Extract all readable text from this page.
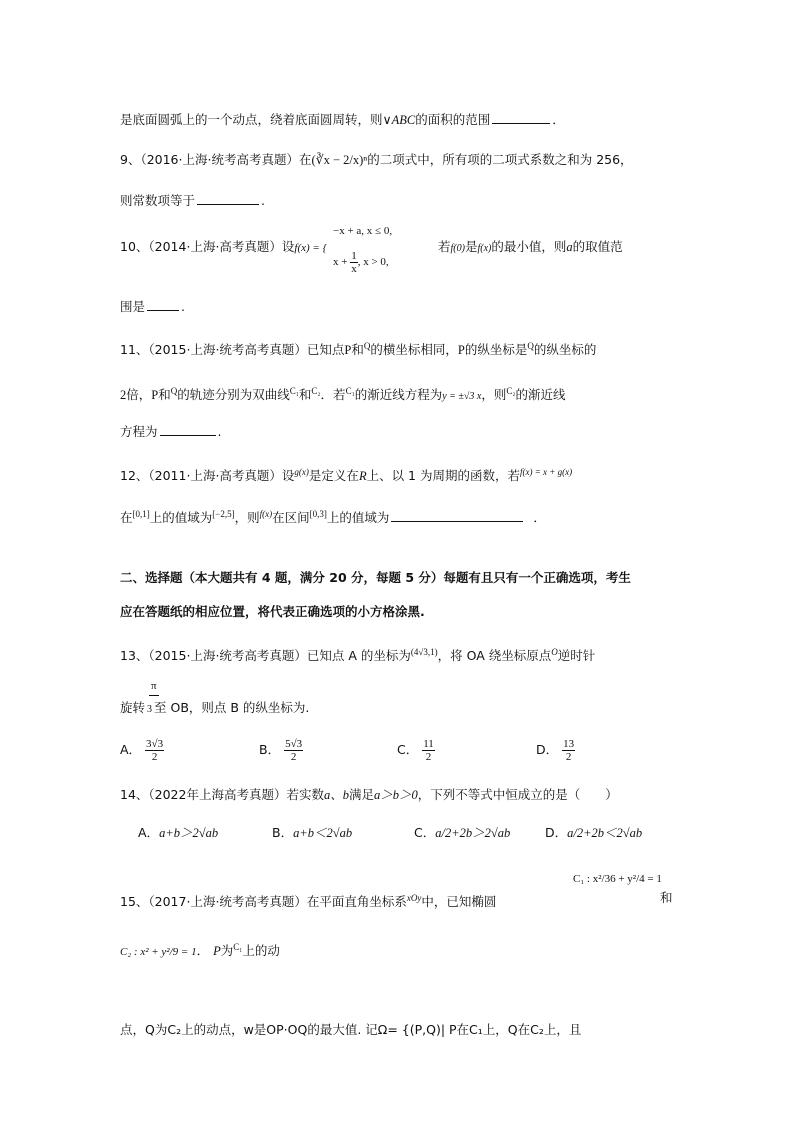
是底面圆弧上的一个动点，绕着底面圆周转，则∨ABC的面积的范围	．
9、（2016·上海·统考高考真题）在(∛x − 2/x)ⁿ的二项式中，所有项的二项式系数之和为 256，
则常数项等于	.
10、（2014·上海·高考真题）设f(x) = {
−x + a, x ≤ 0,
$x + \frac{1}{x}$ , x > 0,
若f(0)是f(x)的最小值，则a的取值范
围是	.
11、（2015·上海·统考高考真题）已知点P和$^Q$的横坐标相同，P的纵坐标是$^Q$的纵坐标的
2倍，P和$^Q$的轨迹分别为双曲线$^{C_1}$和$^{C_2}$．若$^{C_1}$的渐近线方程为y = ±√3 x，则$^{C_2}$的渐近线
方程为	.
12、（2011·上海·高考真题）设$^{g(x)}$是定义在R上、以 1 为周期的函数，若$^{f(x) = x + g(x)}$
在[0,1]上的值域为[−2,5]，则$^{f(x)}$在区间[0,3]上的值域为	．
二、选择题（本大题共有 4 题，满分 20 分，每题 5 分）每题有且只有一个正确选项，考生
应在答题纸的相应位置，将代表正确选项的小方格涂黑.
13、（2015·上海·统考高考真题）已知点 A 的坐标为$^{(4√3,1)}$，将 OA 绕坐标原点$^O$逆时针
π
旋转 3 至 OB，则点 B 的纵坐标为.
A． $\frac{3√3}{2}$	B． $\frac{5√3}{2}$	C． $\frac{11}{2}$	D． $\frac{13}{2}$
14、（2022年上海高考真题）若实数a、b满足a＞b＞0，下列不等式中恒成立的是（　　）
A．a+b＞2√ab	B．a+b＜2√ab	C．a/2+2b＞2√ab	D．a/2+2b＜2√ab
15、（2017·上海·统考高考真题）在平面直角坐标系$^{xOy}$中，已知椭圆
C₁ : x²/36 + y²/4 = 1
和
C₂ : x² + y²/9 = 1． P为$^{C_1}$上的动
点，Q为C₂上的动点，w是OP·OQ的最大值. 记Ω= {(P,Q)| P在C₁上，Q在C₂上，且
